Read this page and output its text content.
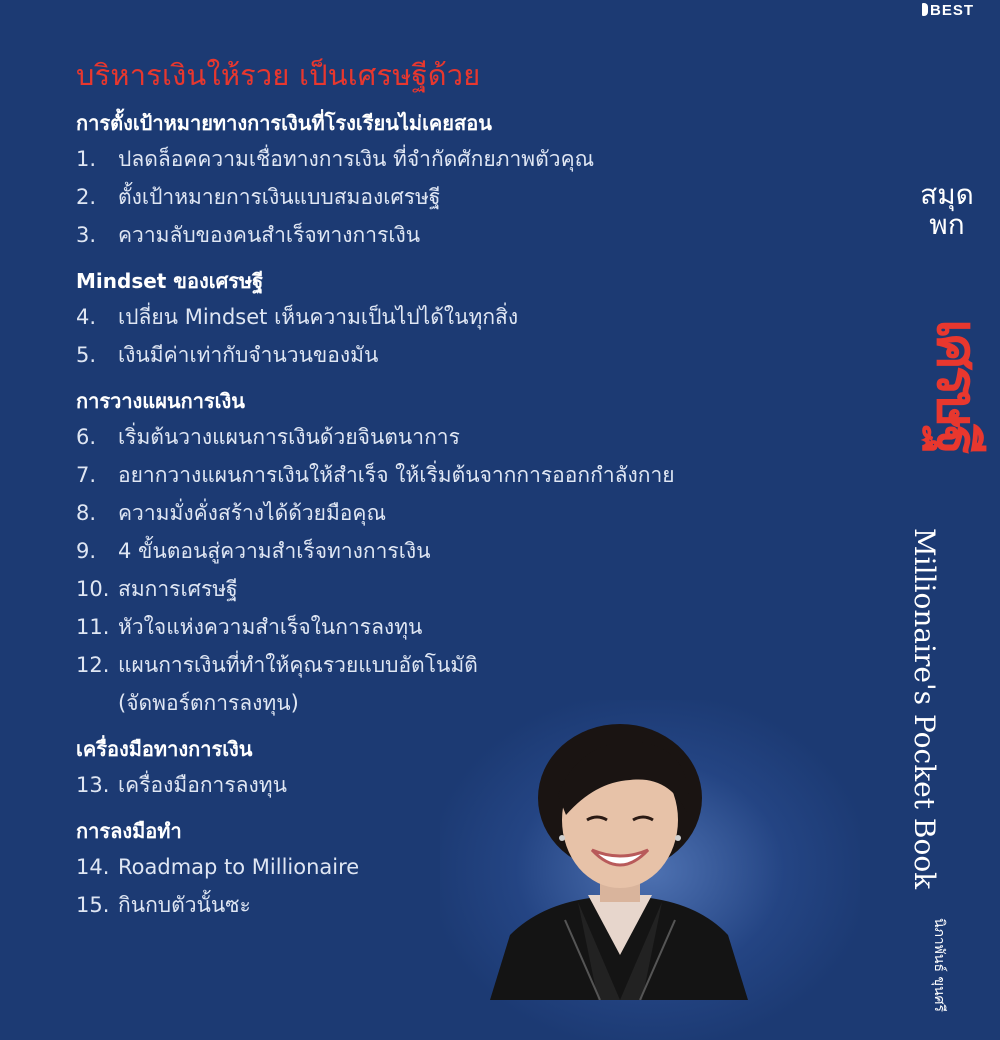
บริหารเงินให้รวย เป็นเศรษฐีด้วย
การตั้งเป้าหมายทางการเงินที่โรงเรียนไม่เคยสอน
1.	ปลดล็อคความเชื่อทางการเงิน ที่จำกัดศักยภาพตัวคุณ
2.	ตั้งเป้าหมายการเงินแบบสมองเศรษฐี
3.	ความลับของคนสำเร็จทางการเงิน
Mindset ของเศรษฐี
4.	เปลี่ยน Mindset เห็นความเป็นไปได้ในทุกสิ่ง
5.	เงินมีค่าเท่ากับจำนวนของมัน
การวางแผนการเงิน
6.	เริ่มต้นวางแผนการเงินด้วยจินตนาการ
7.	อยากวางแผนการเงินให้สำเร็จ ให้เริ่มต้นจากการออกกำลังกาย
8.	ความมั่งคั่งสร้างได้ด้วยมือคุณ
9.	4 ขั้นตอนสู่ความสำเร็จทางการเงิน
10. สมการเศรษฐี
11. หัวใจแห่งความสำเร็จในการลงทุน
12. แผนการเงินที่ทำให้คุณรวยแบบอัตโนมัติ
(จัดพอร์ตการลงทุน)
เครื่องมือทางการเงิน
13. เครื่องมือการลงทุน
การลงมือทำ
14. Roadmap to Millionaire
15. กินกบตัวนั้นซะ
BEST
สมุด
พก
เศรษฐี
Millionaire's Pocket Book
นิภาพันธ์ ขุนศรี
